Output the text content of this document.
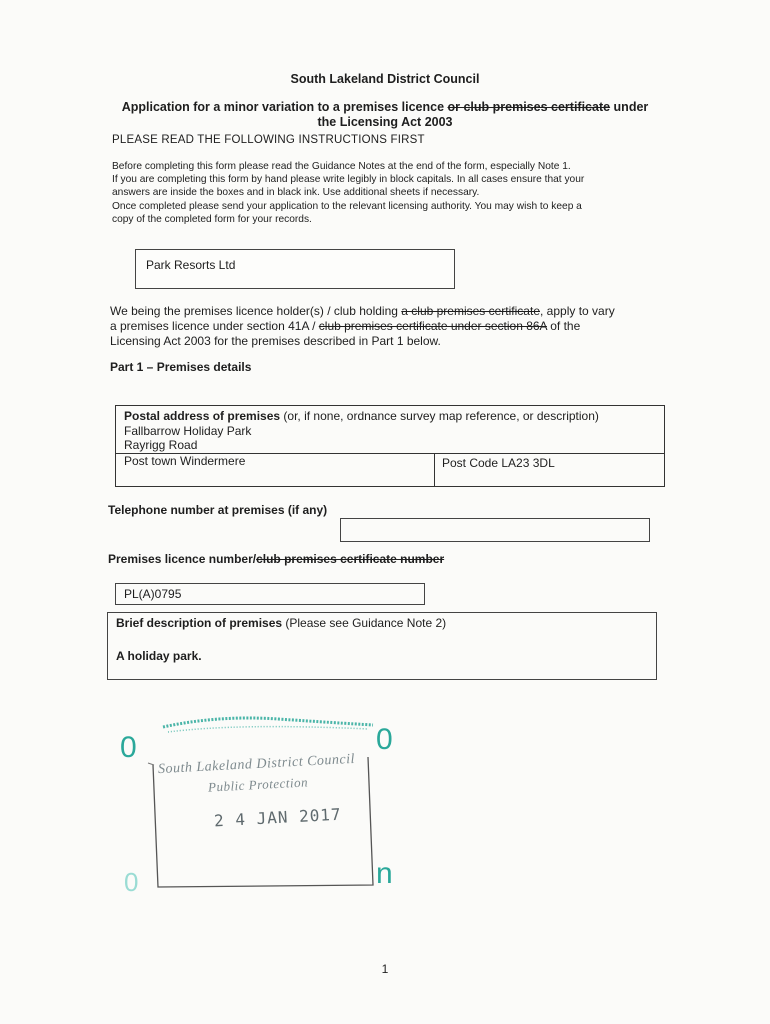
South Lakeland District Council
Application for a minor variation to a premises licence or club premises certificate under
the Licensing Act 2003
PLEASE READ THE FOLLOWING INSTRUCTIONS FIRST
Before completing this form please read the Guidance Notes at the end of the form, especially Note 1.
If you are completing this form by hand please write legibly in block capitals. In all cases ensure that your
answers are inside the boxes and in black ink. Use additional sheets if necessary.
Once completed please send your application to the relevant licensing authority. You may wish to keep a
copy of the completed form for your records.
Park Resorts Ltd
We being the premises licence holder(s) / club holding a club premises certificate, apply to vary
a premises licence under section 41A / club premises certificate under section 86A of the
Licensing Act 2003 for the premises described in Part 1 below.
Part 1 – Premises details
Postal address of premises (or, if none, ordnance survey map reference, or description)
Fallbarrow Holiday Park
Rayrigg Road
Post town Windermere	Post Code LA23 3DL
Telephone number at premises (if any)
Premises licence number/club premises certificate number
PL(A)0795
Brief description of premises (Please see Guidance Note 2)
A holiday park.
0	0
n
0
South Lakeland District Council
Public Protection
2 4 JAN 2017
1
